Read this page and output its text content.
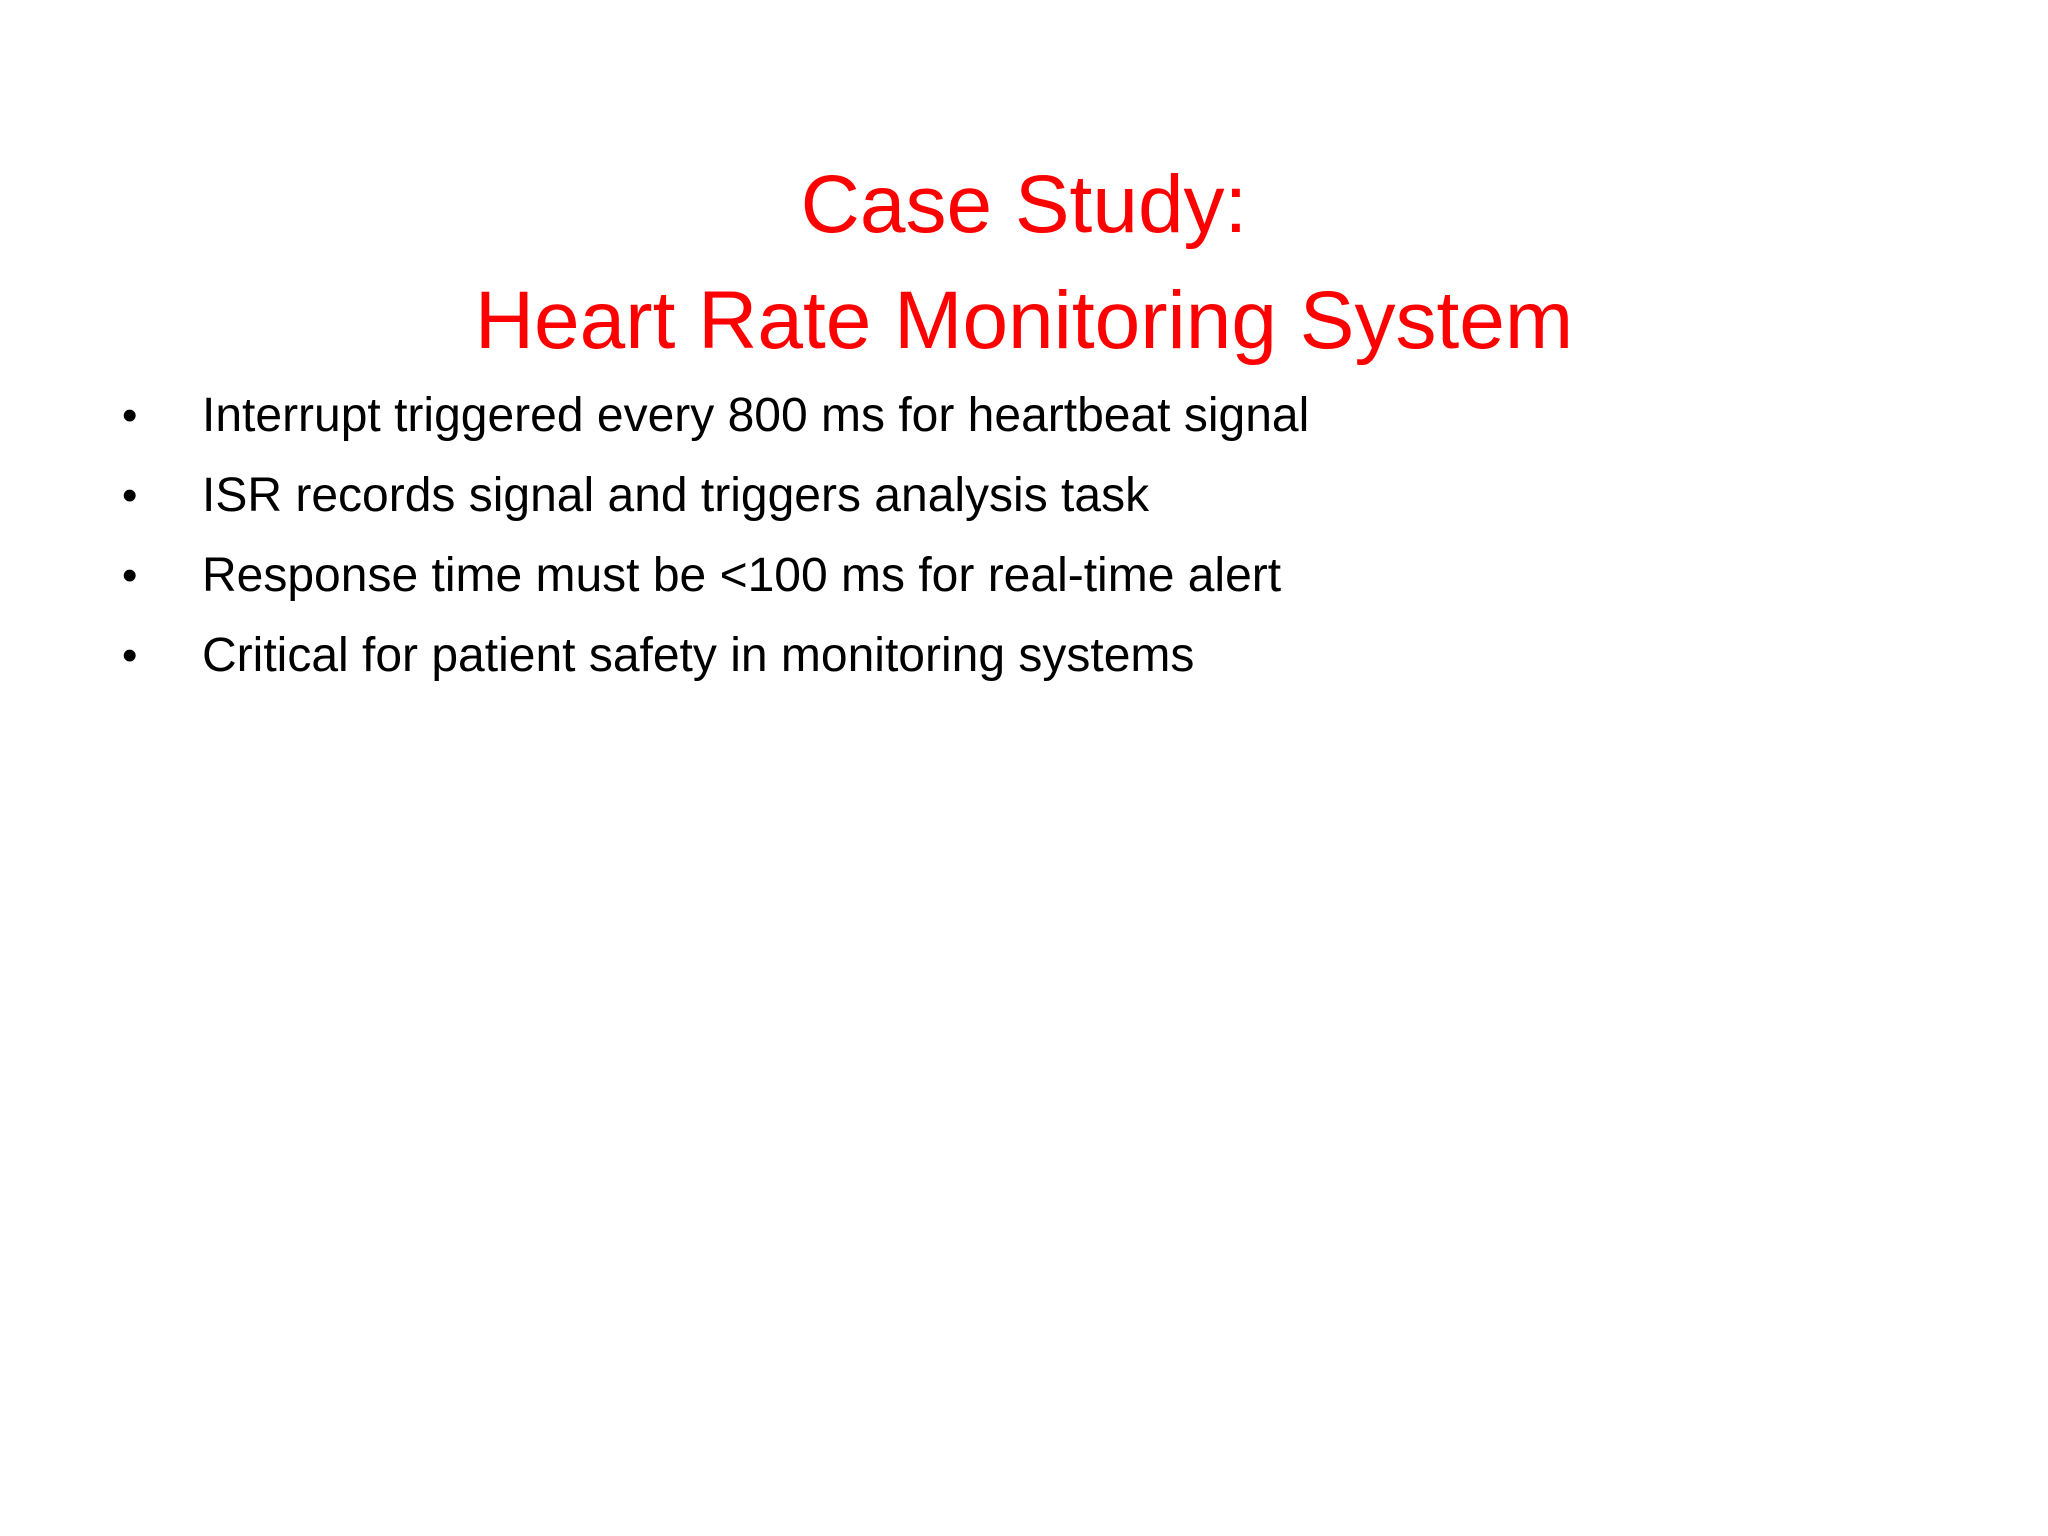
Case Study:
Heart Rate Monitoring System
•	Interrupt triggered every 800 ms for heartbeat signal
•	ISR records signal and triggers analysis task
•	Response time must be <100 ms for real-time alert
•	Critical for patient safety in monitoring systems
